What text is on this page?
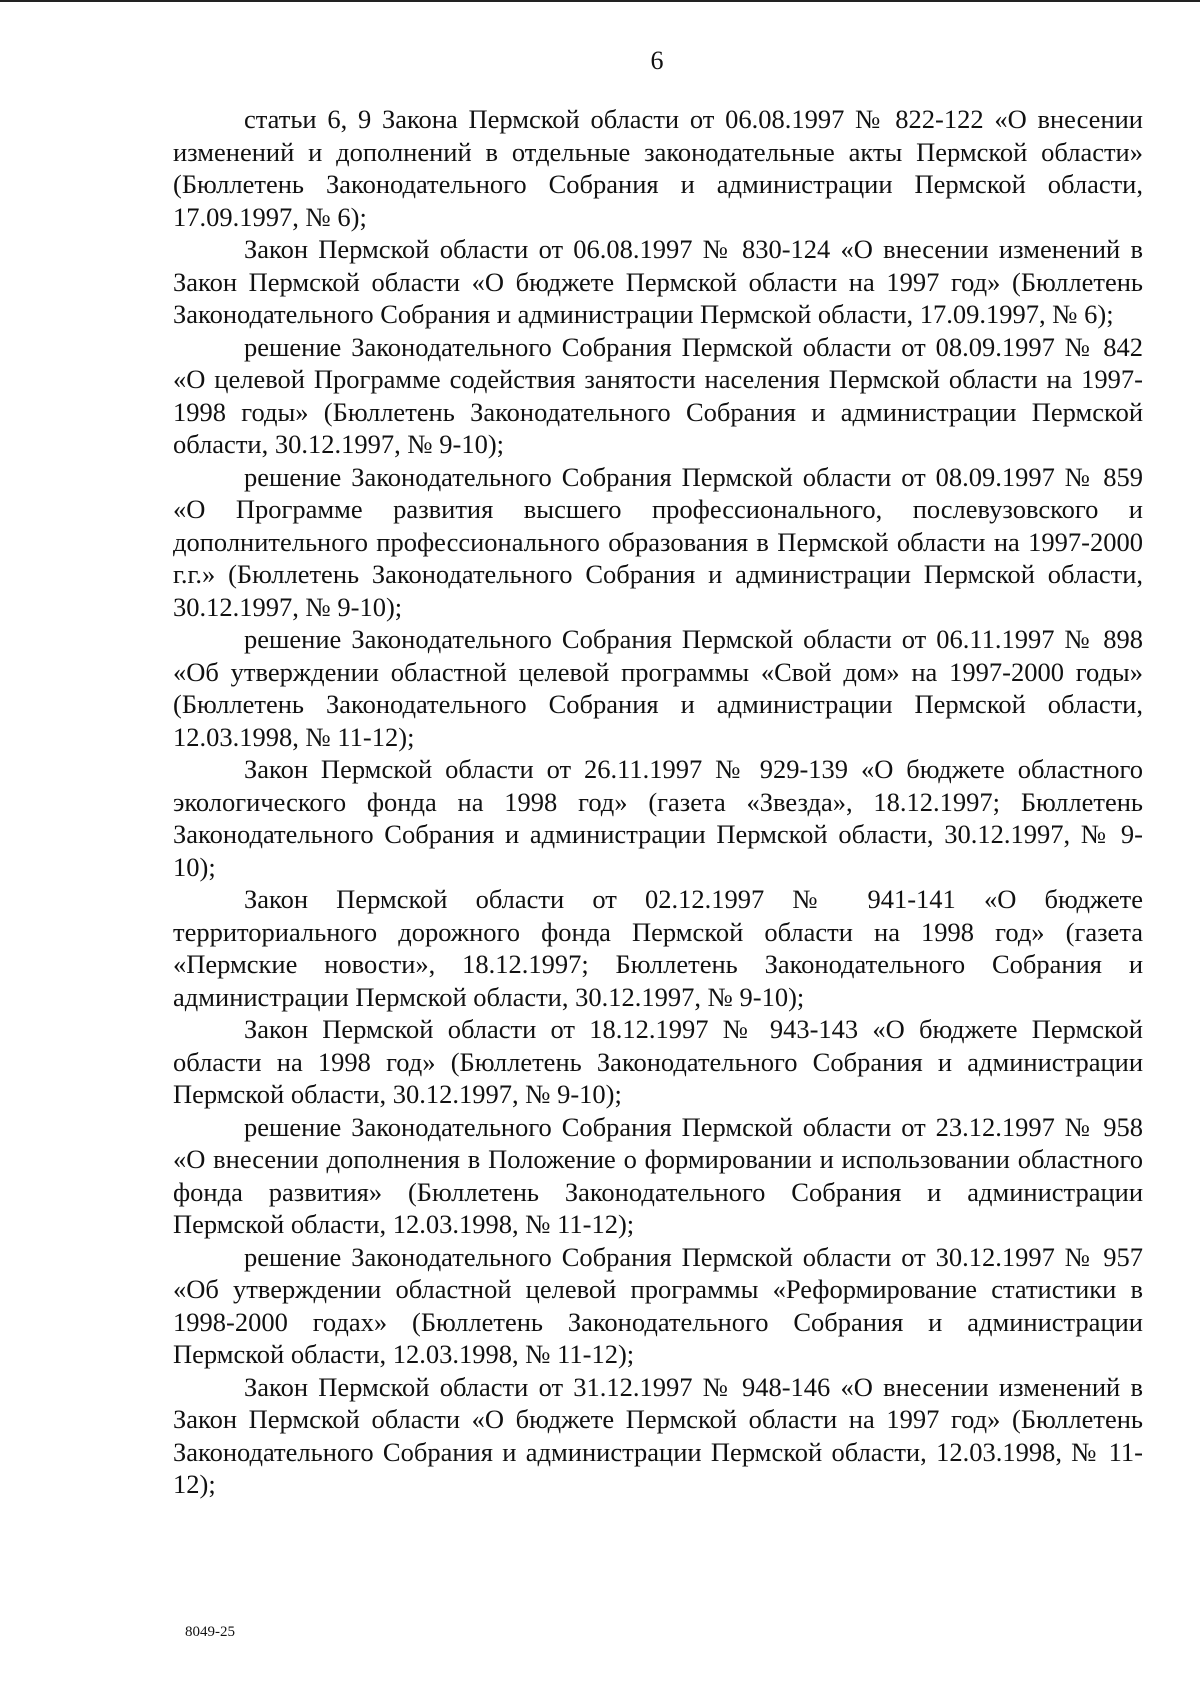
6

статьи 6, 9 Закона Пермской области от 06.08.1997 № 822-122 «О внесении изменений и дополнений в отдельные законодательные акты Пермской области» (Бюллетень Законодательного Собрания и администрации Пермской области, 17.09.1997, № 6);

Закон Пермской области от 06.08.1997 № 830-124 «О внесении изменений в Закон Пермской области «О бюджете Пермской области на 1997 год» (Бюллетень Законодательного Собрания и администрации Пермской области, 17.09.1997, № 6);

решение Законодательного Собрания Пермской области от 08.09.1997 № 842 «О целевой Программе содействия занятости населения Пермской области на 1997-1998 годы» (Бюллетень Законодательного Собрания и администрации Пермской области, 30.12.1997, № 9-10);

решение Законодательного Собрания Пермской области от 08.09.1997 № 859 «О Программе развития высшего профессионального, послевузовского и дополнительного профессионального образования в Пермской области на 1997-2000 г.г.» (Бюллетень Законодательного Собрания и администрации Пермской области, 30.12.1997, № 9-10);

решение Законодательного Собрания Пермской области от 06.11.1997 № 898 «Об утверждении областной целевой программы «Свой дом» на 1997-2000 годы» (Бюллетень Законодательного Собрания и администрации Пермской области, 12.03.1998, № 11-12);

Закон Пермской области от 26.11.1997 № 929-139 «О бюджете областного экологического фонда на 1998 год» (газета «Звезда», 18.12.1997; Бюллетень Законодательного Собрания и администрации Пермской области, 30.12.1997, № 9-10);

Закон Пермской области от 02.12.1997 № 941-141 «О бюджете территориального дорожного фонда Пермской области на 1998 год» (газета «Пермские новости», 18.12.1997; Бюллетень Законодательного Собрания и администрации Пермской области, 30.12.1997, № 9-10);

Закон Пермской области от 18.12.1997 № 943-143 «О бюджете Пермской области на 1998 год» (Бюллетень Законодательного Собрания и администрации Пермской области, 30.12.1997, № 9-10);

решение Законодательного Собрания Пермской области от 23.12.1997 № 958 «О внесении дополнения в Положение о формировании и использовании областного фонда развития» (Бюллетень Законодательного Собрания и администрации Пермской области, 12.03.1998, № 11-12);

решение Законодательного Собрания Пермской области от 30.12.1997 № 957 «Об утверждении областной целевой программы «Реформирование статистики в 1998-2000 годах» (Бюллетень Законодательного Собрания и администрации Пермской области, 12.03.1998, № 11-12);

Закон Пермской области от 31.12.1997 № 948-146 «О внесении изменений в Закон Пермской области «О бюджете Пермской области на 1997 год» (Бюллетень Законодательного Собрания и администрации Пермской области, 12.03.1998, № 11-12);

8049-25
